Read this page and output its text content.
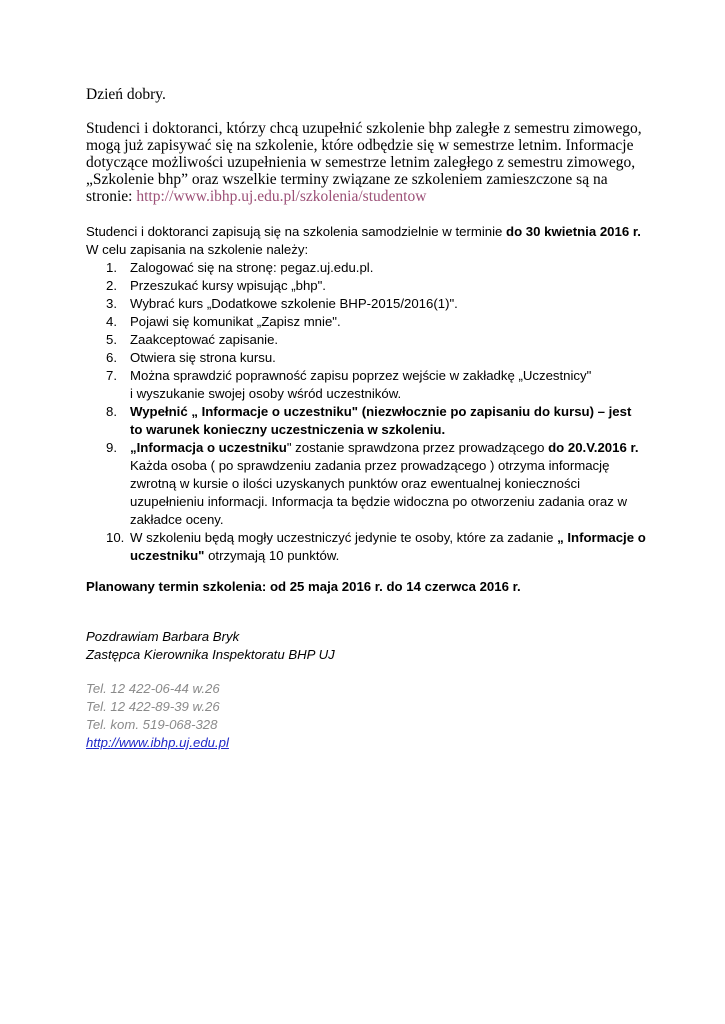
Dzień dobry.

Studenci i doktoranci, którzy chcą uzupełnić szkolenie bhp zaległe z semestru zimowego, mogą już zapisywać się na szkolenie, które odbędzie się w semestrze letnim. Informacje dotyczące możliwości uzupełnienia w semestrze letnim zaległego z semestru zimowego, „Szkolenie bhp” oraz wszelkie terminy związane ze szkoleniem zamieszczone są na stronie: http://www.ibhp.uj.edu.pl/szkolenia/studentow

Studenci i doktoranci zapisują się na szkolenia samodzielnie w terminie do 30 kwietnia 2016 r.

W celu zapisania na szkolenie należy:

1. Zalogować się na stronę: pegaz.uj.edu.pl.
2. Przeszukać kursy wpisując „bhp".
3. Wybrać kurs „Dodatkowe szkolenie BHP-2015/2016(1)".
4. Pojawi się komunikat „Zapisz mnie".
5. Zaakceptować zapisanie.
6. Otwiera się strona kursu.
7. Można sprawdzić poprawność zapisu poprzez wejście w zakładkę „Uczestnicy"
i wyszukanie swojej osoby wśród uczestników.
8. Wypełnić „ Informacje o uczestniku" (niezwłocznie po zapisaniu do kursu) – jest to warunek konieczny uczestniczenia w szkoleniu.
9. „Informacja o uczestniku" zostanie sprawdzona przez prowadzącego do 20.V.2016 r. Każda osoba ( po sprawdzeniu zadania przez prowadzącego ) otrzyma informację zwrotną w kursie o ilości uzyskanych punktów oraz ewentualnej konieczności uzupełnieniu informacji. Informacja ta będzie widoczna po otworzeniu zadania oraz w zakładce oceny.
10. W szkoleniu będą mogły uczestniczyć jedynie te osoby, które za zadanie „ Informacje o uczestniku" otrzymają 10 punktów.

Planowany termin szkolenia: od 25 maja 2016 r. do 14 czerwca 2016 r.

Pozdrawiam Barbara Bryk

Zastępca Kierownika Inspektoratu BHP UJ

Tel. 12 422-06-44 w.26

Tel. 12 422-89-39 w.26

Tel. kom. 519-068-328

http://www.ibhp.uj.edu.pl
